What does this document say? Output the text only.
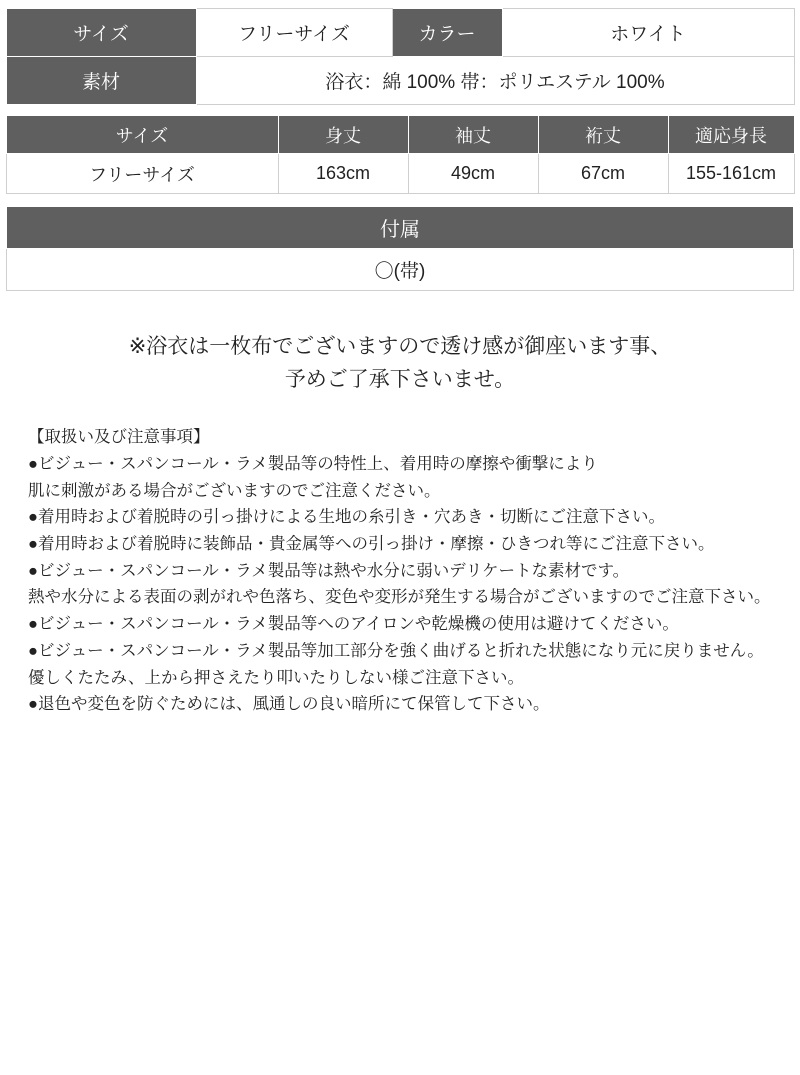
サイズ	フリーサイズ	カラー	ホワイト
素材	浴衣：綿 100% 帯：ポリエステル 100%		
サイズ	身丈	袖丈	裄丈	適応身長
フリーサイズ	163cm	49cm	67cm	155-161cm
付属
〇(帯)
※浴衣は一枚布でございますので透け感が御座います事、
予めご了承下さいませ。
【取扱い及び注意事項】
●ビジュー・スパンコール・ラメ製品等の特性上、着用時の摩擦や衝撃により
肌に刺激がある場合がございますのでご注意ください。
●着用時および着脱時の引っ掛けによる生地の糸引き・穴あき・切断にご注意下さい。
●着用時および着脱時に装飾品・貴金属等への引っ掛け・摩擦・ひきつれ等にご注意下さい。
●ビジュー・スパンコール・ラメ製品等は熱や水分に弱いデリケートな素材です。
熱や水分による表面の剥がれや色落ち、変色や変形が発生する場合がございますのでご注意下さい。
●ビジュー・スパンコール・ラメ製品等へのアイロンや乾燥機の使用は避けてください。
●ビジュー・スパンコール・ラメ製品等加工部分を強く曲げると折れた状態になり元に戻りません。
優しくたたみ、上から押さえたり叩いたりしない様ご注意下さい。
●退色や変色を防ぐためには、風通しの良い暗所にて保管して下さい。
